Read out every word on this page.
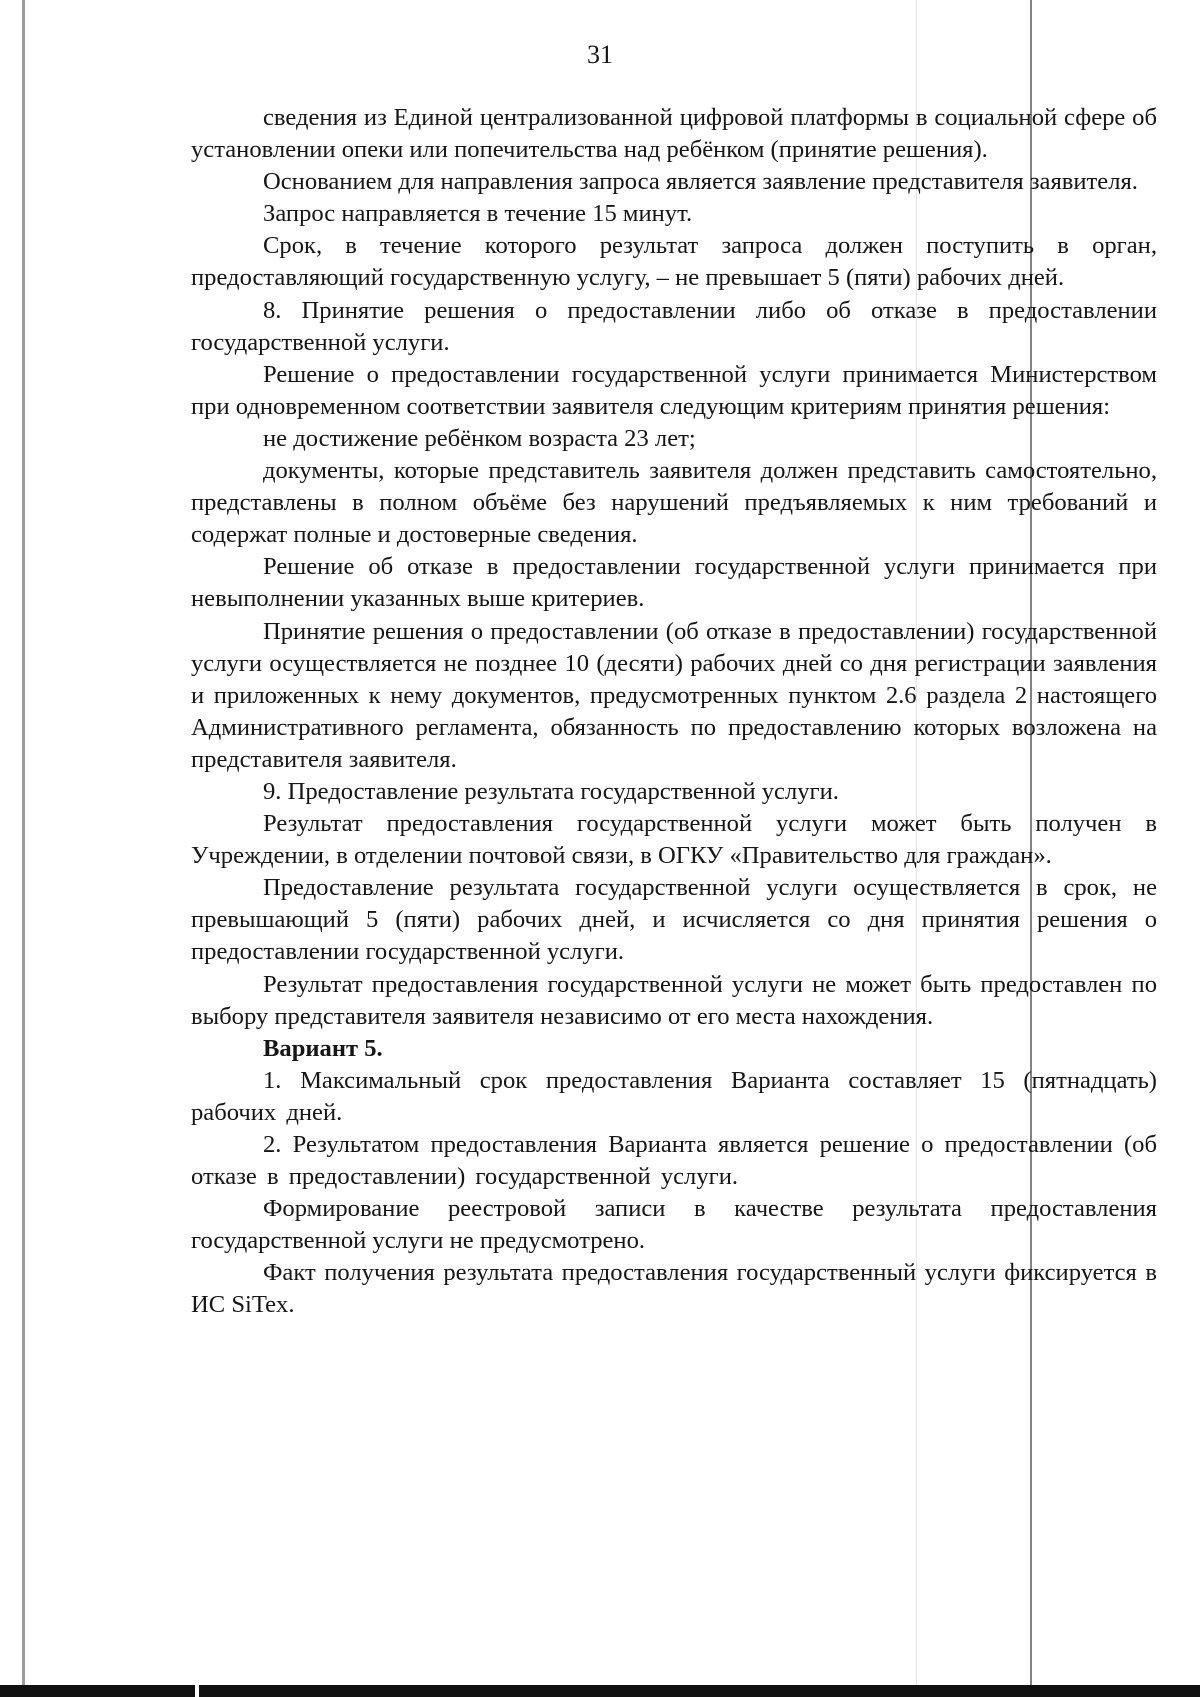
31

сведения из Единой централизованной цифровой платформы в социальной сфере об установлении опеки или попечительства над ребёнком (принятие решения).

Основанием для направления запроса является заявление представителя заявителя.

Запрос направляется в течение 15 минут.

Срок, в течение которого результат запроса должен поступить в орган, предоставляющий государственную услугу, – не превышает 5 (пяти) рабочих дней.

8. Принятие решения о предоставлении либо об отказе в предоставлении государственной услуги.

Решение о предоставлении государственной услуги принимается Министерством при одновременном соответствии заявителя следующим критериям принятия решения:

не достижение ребёнком возраста 23 лет;

документы, которые представитель заявителя должен представить самостоятельно, представлены в полном объёме без нарушений предъявляемых к ним требований и содержат полные и достоверные сведения.

Решение об отказе в предоставлении государственной услуги принимается при невыполнении указанных выше критериев.

Принятие решения о предоставлении (об отказе в предоставлении) государственной услуги осуществляется не позднее 10 (десяти) рабочих дней со дня регистрации заявления и приложенных к нему документов, предусмотренных пунктом 2.6 раздела 2 настоящего Административного регламента, обязанность по предоставлению которых возложена на представителя заявителя.

9. Предоставление результата государственной услуги.

Результат предоставления государственной услуги может быть получен в Учреждении, в отделении почтовой связи, в ОГКУ «Правительство для граждан».

Предоставление результата государственной услуги осуществляется в срок, не превышающий 5 (пяти) рабочих дней, и исчисляется со дня принятия решения о предоставлении государственной услуги.

Результат предоставления государственной услуги не может быть предоставлен по выбору представителя заявителя независимо от его места нахождения.

Вариант 5.

1. Максимальный срок предоставления Варианта составляет 15 (пятнадцать) рабочих дней.

2. Результатом предоставления Варианта является решение о предоставлении (об отказе в предоставлении) государственной услуги.

Формирование реестровой записи в качестве результата предоставления государственной услуги не предусмотрено.

Факт получения результата предоставления государственный услуги фиксируется в ИС SiTex.
